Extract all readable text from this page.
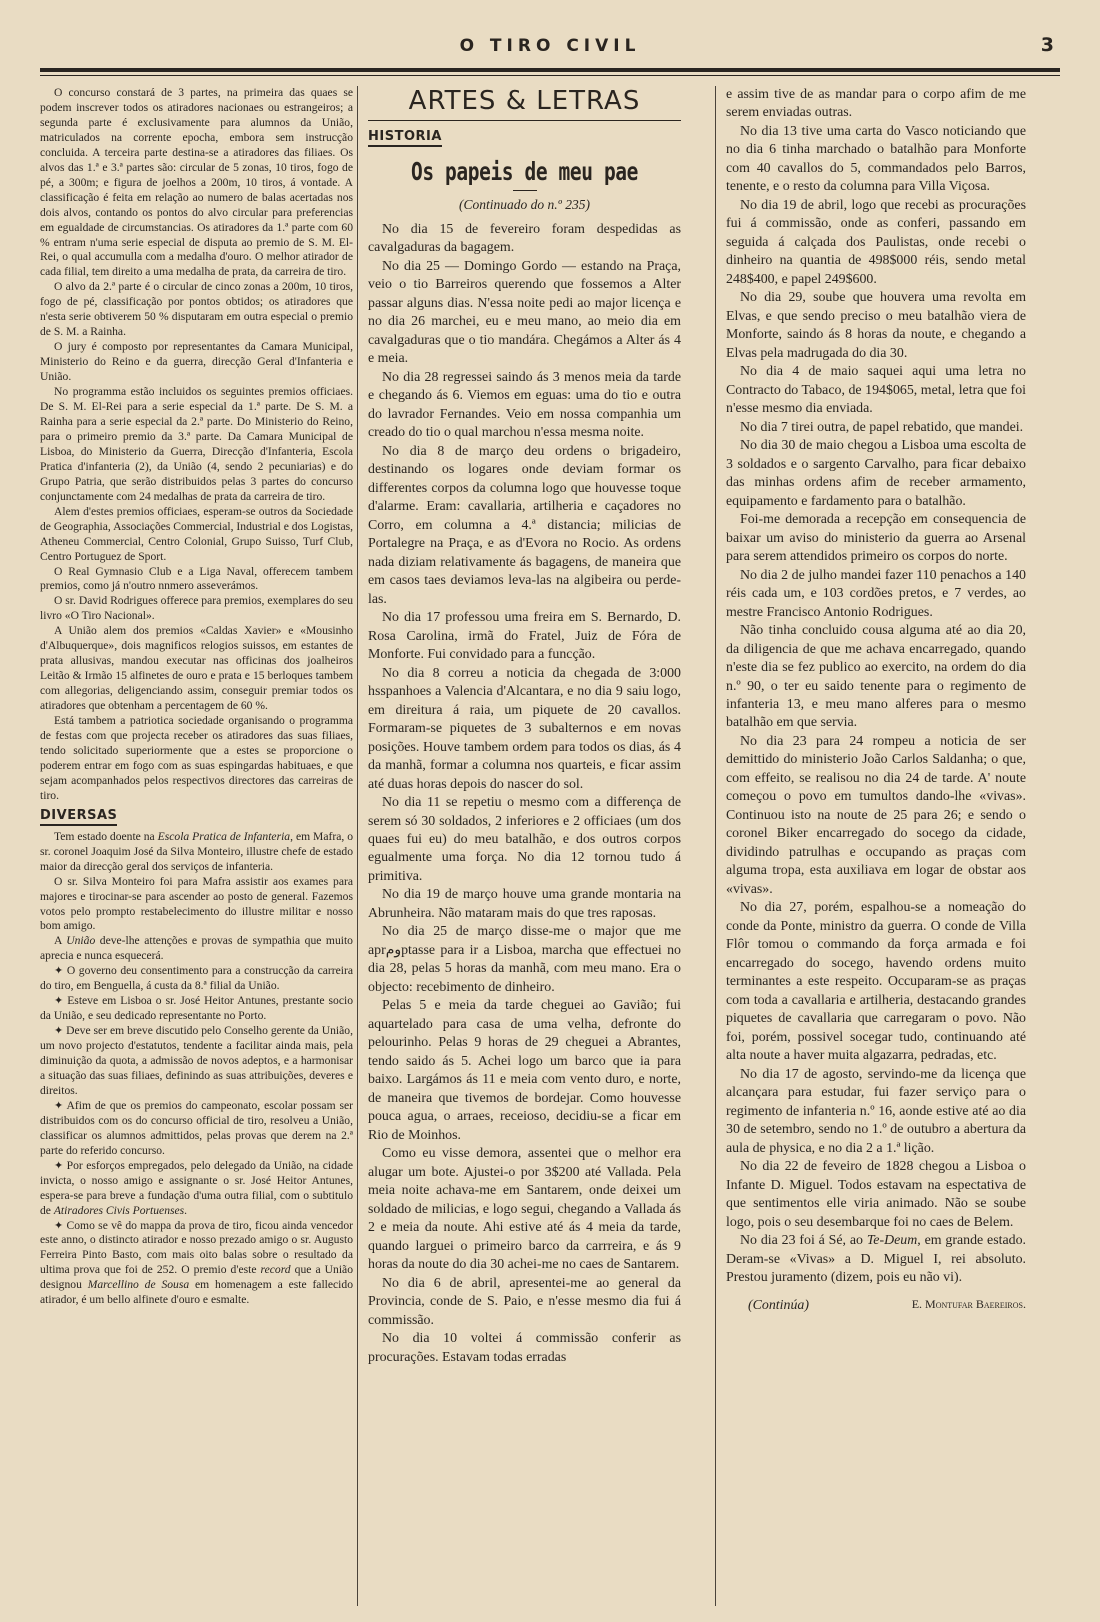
O TIRO CIVIL	3

O concurso constará de 3 partes, na primeira das quaes se podem inscrever todos os atiradores nacionaes ou estrangeiros; a segunda parte é exclusivamente para alumnos da União, matriculados na corrente epocha, embora sem instrucção concluida. A terceira parte destina-se a atiradores das filiaes. Os alvos das 1.ª e 3.ª partes são: circular de 5 zonas, 10 tiros, fogo de pé, a 300m; e figura de joelhos a 200m, 10 tiros, á vontade. A classificação é feita em relação ao numero de balas acertadas nos dois alvos, contando os pontos do alvo circular para preferencias em egualdade de circumstancias. Os atiradores da 1.ª parte com 60 % entram n'uma serie especial de disputa ao premio de S. M. El-Rei, o qual accumulla com a medalha d'ouro. O melhor atirador de cada filial, tem direito a uma medalha de prata, da carreira de tiro.

O alvo da 2.ª parte é o circular de cinco zonas a 200m, 10 tiros, fogo de pé, classificação por pontos obtidos; os atiradores que n'esta serie obtiverem 50 % disputaram em outra especial o premio de S. M. a Rainha.

O jury é composto por representantes da Camara Municipal, Ministerio do Reino e da guerra, direcção Geral d'Infanteria e União.

No programma estão incluidos os seguintes premios officiaes. De S. M. El-Rei para a serie especial da 1.ª parte. De S. M. a Rainha para a serie especial da 2.ª parte. Do Ministerio do Reino, para o primeiro premio da 3.ª parte. Da Camara Municipal de Lisboa, do Ministerio da Guerra, Direcção d'Infanteria, Escola Pratica d'infanteria (2), da União (4, sendo 2 pecuniarias) e do Grupo Patria, que serão distribuidos pelas 3 partes do concurso conjunctamente com 24 medalhas de prata da carreira de tiro.

Alem d'estes premios officiaes, esperam-se outros da Sociedade de Geographia, Associações Commercial, Industrial e dos Logistas, Atheneu Commercial, Centro Colonial, Grupo Suisso, Turf Club, Centro Portuguez de Sport.

O Real Gymnasio Club e a Liga Naval, offerecem tambem premios, como já n'outro nnmero asseverámos.

O sr. David Rodrigues offerece para premios, exemplares do seu livro «O Tiro Nacional».

A União alem dos premios «Caldas Xavier» e «Mousinho d'Albuquerque», dois magnificos relogios suissos, em estantes de prata allusivas, mandou executar nas officinas dos joalheiros Leitão & Irmão 15 alfinetes de ouro e prata e 15 berloques tambem com allegorias, deligenciando assim, conseguir premiar todos os atiradores que obtenham a percentagem de 60 %.

Está tambem a patriotica sociedade organisando o programma de festas com que projecta receber os atiradores das suas filiaes, tendo solicitado superiormente que a estes se proporcione o poderem entrar em fogo com as suas espingardas habituaes, e que sejam acompanhados pelos respectivos directores das carreiras de tiro.

DIVERSAS

Tem estado doente na Escola Pratica de Infanteria, em Mafra, o sr. coronel Joaquim José da Silva Monteiro, illustre chefe de estado maior da direcção geral dos serviços de infanteria.

O sr. Silva Monteiro foi para Mafra assistir aos exames para majores e tirocinar-se para ascender ao posto de general. Fazemos votos pelo prompto restabelecimento do illustre militar e nosso bom amigo.

A União deve-lhe attenções e provas de sympathia que muito aprecia e nunca esquecerá.

✦ O governo deu consentimento para a construcção da carreira do tiro, em Benguella, á custa da 8.ª filial da União.

✦ Esteve em Lisboa o sr. José Heitor Antunes, prestante socio da União, e seu dedicado representante no Porto.

✦ Deve ser em breve discutido pelo Conselho gerente da União, um novo projecto d'estatutos, tendente a facilitar ainda mais, pela diminuição da quota, a admissão de novos adeptos, e a harmonisar a situação das suas filiaes, definindo as suas attribuições, deveres e direitos.

✦ Afim de que os premios do campeonato, escolar possam ser distribuidos com os do concurso official de tiro, resolveu a União, classificar os alumnos admittidos, pelas provas que derem na 2.ª parte do referido concurso.

✦ Por esforços empregados, pelo delegado da União, na cidade invicta, o nosso amigo e assignante o sr. José Heitor Antunes, espera-se para breve a fundação d'uma outra filial, com o subtitulo de Atiradores Civis Portuenses.

✦ Como se vê do mappa da prova de tiro, ficou ainda vencedor este anno, o distincto atirador e nosso prezado amigo o sr. Augusto Ferreira Pinto Basto, com mais oito balas sobre o resultado da ultima prova que foi de 252. O premio d'este record que a União designou Marcellino de Sousa em homenagem a este fallecido atirador, é um bello alfinete d'ouro e esmalte.

ARTES & LETRAS
HISTORIA
Os papeis de meu pae
(Continuado do n.º 235)

No dia 15 de fevereiro foram despedidas as cavalgaduras da bagagem.

No dia 25 — Domingo Gordo — estando na Praça, veio o tio Barreiros querendo que fossemos a Alter passar alguns dias. N'essa noite pedi ao major licença e no dia 26 marchei, eu e meu mano, ao meio dia em cavalgaduras que o tio mandára. Chegámos a Alter ás 4 e meia.

No dia 28 regressei saindo ás 3 menos meia da tarde e chegando ás 6. Viemos em eguas: uma do tio e outra do lavrador Fernandes. Veio em nossa companhia um creado do tio o qual marchou n'essa mesma noite.

No dia 8 de março deu ordens o brigadeiro, destinando os logares onde deviam formar os differentes corpos da columna logo que houvesse toque d'alarme. Eram: cavallaria, artilheria e caçadores no Corro, em columna a 4.ª distancia; milicias de Portalegre na Praça, e as d'Evora no Rocio. As ordens nada diziam relativamente ás bagagens, de maneira que em casos taes deviamos leva-las na algibeira ou perde-las.

No dia 17 professou uma freira em S. Bernardo, D. Rosa Carolina, irmã do Fratel, Juiz de Fóra de Monforte. Fui convidado para a funcção.

No dia 8 correu a noticia da chegada de 3:000 hsspanhoes a Valencia d'Alcantara, e no dia 9 saiu logo, em direitura á raia, um piquete de 20 cavallos. Formaram-se piquetes de 3 subalternos e em novas posições. Houve tambem ordem para todos os dias, ás 4 da manhã, formar a columna nos quarteis, e ficar assim até duas horas depois do nascer do sol.

No dia 11 se repetiu o mesmo com a differença de serem só 30 soldados, 2 inferiores e 2 officiaes (um dos quaes fui eu) do meu batalhão, e dos outros corpos egualmente uma força. No dia 12 tornou tudo á primitiva.

No dia 19 de março houve uma grande montaria na Abrunheira. Não mataram mais do que tres raposas.

No dia 25 de março disse-me o major que me aprومptasse para ir a Lisboa, marcha que effectuei no dia 28, pelas 5 horas da manhã, com meu mano. Era o objecto: recebimento de dinheiro.

Pelas 5 e meia da tarde cheguei ao Gavião; fui aquartelado para casa de uma velha, defronte do pelourinho. Pelas 9 horas de 29 cheguei a Abrantes, tendo saido ás 5. Achei logo um barco que ia para baixo. Largámos ás 11 e meia com vento duro, e norte, de maneira que tivemos de bordejar. Como houvesse pouca agua, o arraes, receioso, decidiu-se a ficar em Rio de Moinhos.

Como eu visse demora, assentei que o melhor era alugar um bote. Ajustei-o por 3$200 até Vallada. Pela meia noite achava-me em Santarem, onde deixei um soldado de milicias, e logo segui, chegando a Vallada ás 2 e meia da noute. Ahi estive até ás 4 meia da tarde, quando larguei o primeiro barco da carrreira, e ás 9 horas da noute do dia 30 achei-me no caes de Santarem.

No dia 6 de abril, apresentei-me ao general da Provincia, conde de S. Paio, e n'esse mesmo dia fui á commissão.

No dia 10 voltei á commissão conferir as procurações. Estavam todas erradas

e assim tive de as mandar para o corpo afim de me serem enviadas outras.

No dia 13 tive uma carta do Vasco noticiando que no dia 6 tinha marchado o batalhão para Monforte com 40 cavallos do 5, commandados pelo Barros, tenente, e o resto da columna para Villa Viçosa.

No dia 19 de abril, logo que recebi as procurações fui á commissão, onde as conferi, passando em seguida á calçada dos Paulistas, onde recebi o dinheiro na quantia de 498$000 réis, sendo metal 248$400, e papel 249$600.

No dia 29, soube que houvera uma revolta em Elvas, e que sendo preciso o meu batalhão viera de Monforte, saindo ás 8 horas da noute, e chegando a Elvas pela madrugada do dia 30.

No dia 4 de maio saquei aqui uma letra no Contracto do Tabaco, de 194$065, metal, letra que foi n'esse mesmo dia enviada.

No dia 7 tirei outra, de papel rebatido, que mandei.

No dia 30 de maio chegou a Lisboa uma escolta de 3 soldados e o sargento Carvalho, para ficar debaixo das minhas ordens afim de receber armamento, equipamento e fardamento para o batalhão.

Foi-me demorada a recepção em consequencia de baixar um aviso do ministerio da guerra ao Arsenal para serem attendidos primeiro os corpos do norte.

No dia 2 de julho mandei fazer 110 penachos a 140 réis cada um, e 103 cordões pretos, e 7 verdes, ao mestre Francisco Antonio Rodrigues.

Não tinha concluido cousa alguma até ao dia 20, da diligencia de que me achava encarregado, quando n'este dia se fez publico ao exercito, na ordem do dia n.º 90, o ter eu saido tenente para o regimento de infanteria 13, e meu mano alferes para o mesmo batalhão em que servia.

No dia 23 para 24 rompeu a noticia de ser demittido do ministerio João Carlos Saldanha; o que, com effeito, se realisou no dia 24 de tarde. A' noute começou o povo em tumultos dando-lhe «vivas». Continuou isto na noute de 25 para 26; e sendo o coronel Biker encarregado do socego da cidade, dividindo patrulhas e occupando as praças com alguma tropa, esta auxiliava em logar de obstar aos «vivas».

No dia 27, porém, espalhou-se a nomeação do conde da Ponte, ministro da guerra. O conde de Villa Flôr tomou o commando da força armada e foi encarregado do socego, havendo ordens muito terminantes a este respeito. Occuparam-se as praças com toda a cavallaria e artilheria, destacando grandes piquetes de cavallaria que carregaram o povo. Não foi, porém, possivel socegar tudo, continuando até alta noute a haver muita algazarra, pedradas, etc.

No dia 17 de agosto, servindo-me da licença que alcançara para estudar, fui fazer serviço para o regimento de infanteria n.º 16, aonde estive até ao dia 30 de setembro, sendo no 1.º de outubro a abertura da aula de physica, e no dia 2 a 1.ª lição.

No dia 22 de feveiro de 1828 chegou a Lisboa o Infante D. Miguel. Todos estavam na espectativa de que sentimentos elle viria animado. Não se soube logo, pois o seu desembarque foi no caes de Belem.

No dia 23 foi á Sé, ao Te-Deum, em grande estado. Deram-se «Vivas» a D. Miguel I, rei absoluto. Prestou juramento (dizem, pois eu não vi).

(Continúa)	E. Montufar Baereiros.
